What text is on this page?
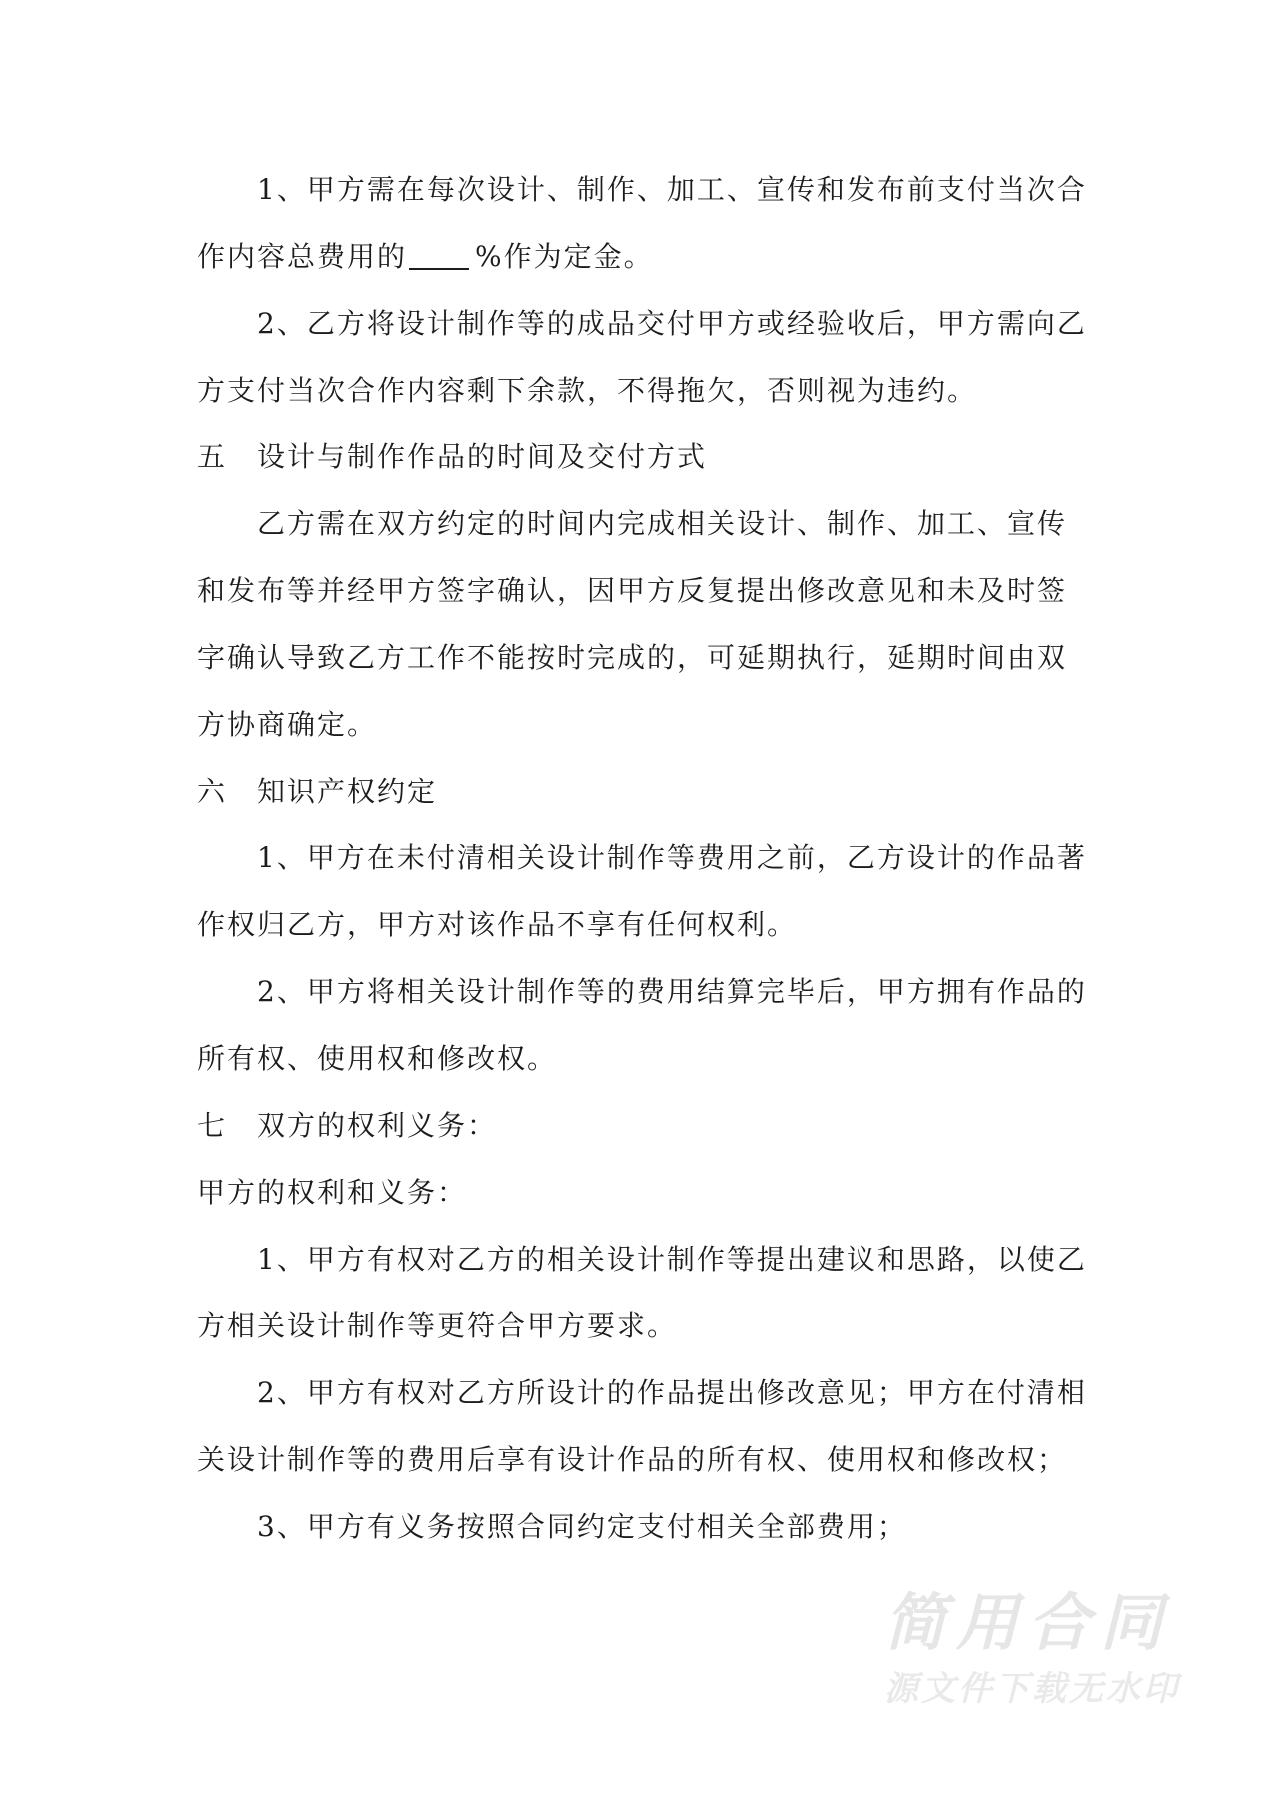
1、甲方需在每次设计、制作、加工、宣传和发布前支付当次合
作内容总费用的 %作为定金。
2、乙方将设计制作等的成品交付甲方或经验收后，甲方需向乙
方支付当次合作内容剩下余款，不得拖欠，否则视为违约。
五 设计与制作作品的时间及交付方式
乙方需在双方约定的时间内完成相关设计、制作、加工、宣传
和发布等并经甲方签字确认，因甲方反复提出修改意见和未及时签
字确认导致乙方工作不能按时完成的，可延期执行，延期时间由双
方协商确定。
六 知识产权约定
1、甲方在未付清相关设计制作等费用之前，乙方设计的作品著
作权归乙方，甲方对该作品不享有任何权利。
2、甲方将相关设计制作等的费用结算完毕后，甲方拥有作品的
所有权、使用权和修改权。
七 双方的权利义务：
甲方的权利和义务：
1、甲方有权对乙方的相关设计制作等提出建议和思路，以使乙
方相关设计制作等更符合甲方要求。
2、甲方有权对乙方所设计的作品提出修改意见；甲方在付清相
关设计制作等的费用后享有设计作品的所有权、使用权和修改权；
3、甲方有义务按照合同约定支付相关全部费用；
简用合同
源文件下载无水印
